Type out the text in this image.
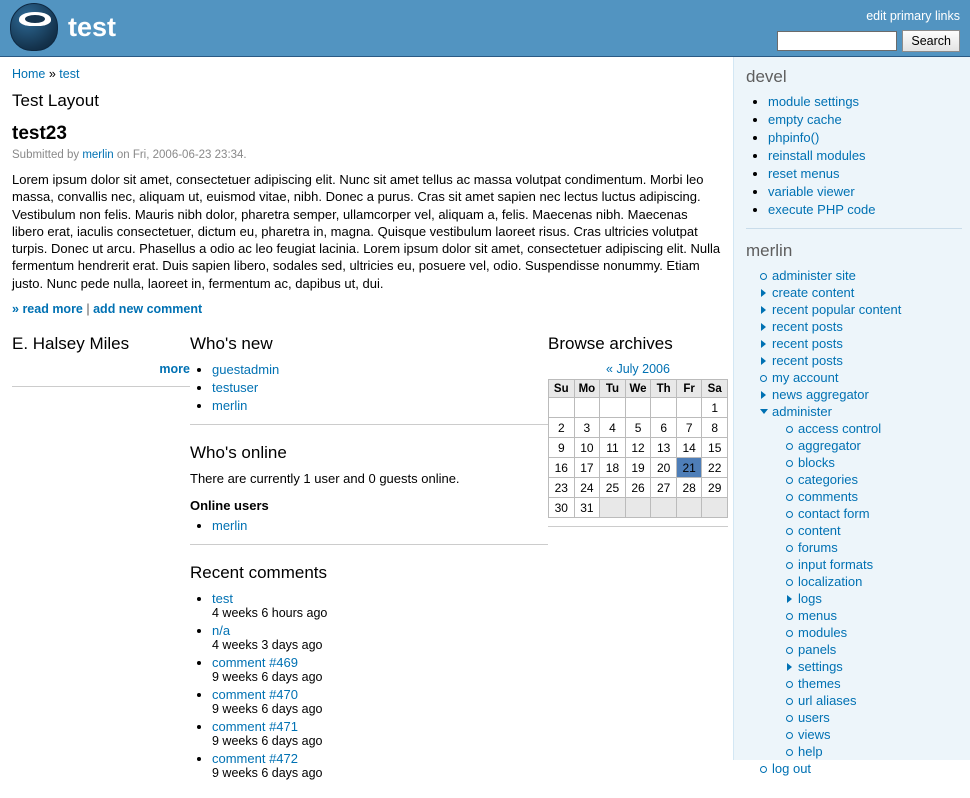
test	edit primary links
Search
Home » test
Test Layout
test23
Submitted by merlin on Fri, 2006-06-23 23:34.
Lorem ipsum dolor sit amet, consectetuer adipiscing elit. Nunc sit amet tellus ac massa volutpat condimentum. Morbi leo massa, convallis nec, aliquam ut, euismod vitae, nibh. Donec a purus. Cras sit amet sapien nec lectus luctus adipiscing. Vestibulum non felis. Mauris nibh dolor, pharetra semper, ullamcorper vel, aliquam a, felis. Maecenas nibh. Maecenas libero erat, iaculis consectetuer, dictum eu, pharetra in, magna. Quisque vestibulum laoreet risus. Cras ultricies volutpat turpis. Donec ut arcu. Phasellus a odio ac leo feugiat lacinia. Lorem ipsum dolor sit amet, consectetuer adipiscing elit. Nulla fermentum hendrerit erat. Duis sapien libero, sodales sed, ultricies eu, posuere vel, odio. Suspendisse nonummy. Etiam justo. Nunc pede nulla, laoreet in, fermentum ac, dapibus ut, dui.
» read more | add new comment
E. Halsey Miles
more
Who's new
• guestadmin
• testuser
• merlin
Who's online

There are currently 1 user and 0 guests online.

Online users

• merlin
Recent comments
• test
4 weeks 6 hours ago
• n/a
4 weeks 3 days ago
• comment #469
9 weeks 6 days ago
• comment #470
9 weeks 6 days ago
• comment #471
9 weeks 6 days ago
• comment #472
9 weeks 6 days ago
Browse archives
« July 2006
Su	Mo	Tu	We	Th	Fr	Sa
						1
2	3	4	5	6	7	8
9	10	11	12	13	14	15
16	17	18	19	20	21	22
23	24	25	26	27	28	29
30	31					
devel
• module settings
• empty cache
• phpinfo()
• reinstall modules
• reset menus
• variable viewer
• execute PHP code
merlin
administer site
create content
recent popular content
recent posts
recent posts
recent posts
my account
news aggregator
administer
access control
aggregator
blocks
categories
comments
contact form
content
forums
input formats
localization
logs
menus
modules
panels
settings
themes
url aliases
users
views
help
log out
